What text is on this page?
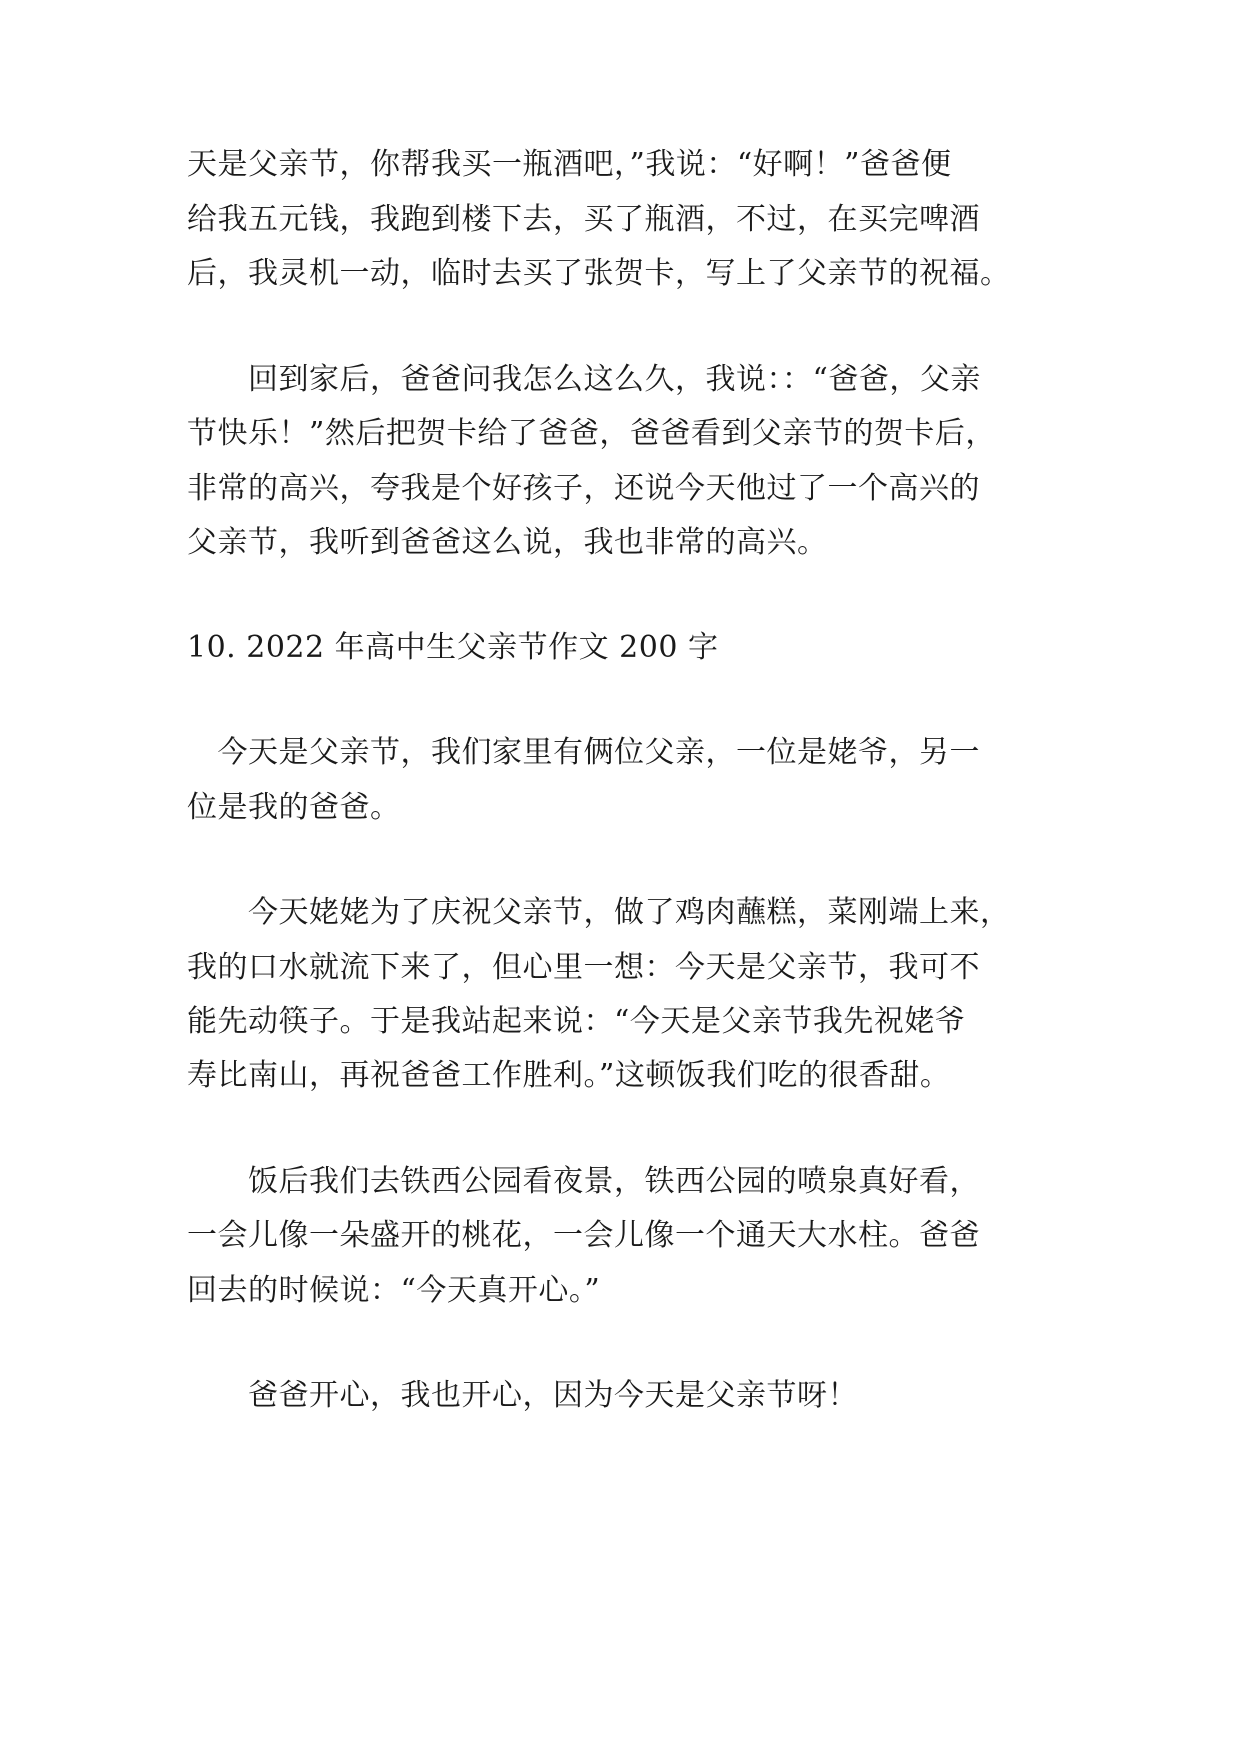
天是父亲节，你帮我买一瓶酒吧，”我说：“好啊！”爸爸便
给我五元钱，我跑到楼下去，买了瓶酒，不过，在买完啤酒
后，我灵机一动，临时去买了张贺卡，写上了父亲节的祝福。
　　回到家后，爸爸问我怎么这么久，我说：：“爸爸，父亲
节快乐！”然后把贺卡给了爸爸，爸爸看到父亲节的贺卡后，
非常的高兴，夸我是个好孩子，还说今天他过了一个高兴的
父亲节，我听到爸爸这么说，我也非常的高兴。
10. 2022 年高中生父亲节作文 200 字
　今天是父亲节，我们家里有俩位父亲，一位是姥爷，另一
位是我的爸爸。
　　今天姥姥为了庆祝父亲节，做了鸡肉蘸糕，菜刚端上来，
我的口水就流下来了，但心里一想：今天是父亲节，我可不
能先动筷子。于是我站起来说：“今天是父亲节我先祝姥爷
寿比南山，再祝爸爸工作胜利。”这顿饭我们吃的很香甜。
　　饭后我们去铁西公园看夜景，铁西公园的喷泉真好看，
一会儿像一朵盛开的桃花，一会儿像一个通天大水柱。爸爸
回去的时候说：“今天真开心。”
　　爸爸开心，我也开心，因为今天是父亲节呀！
